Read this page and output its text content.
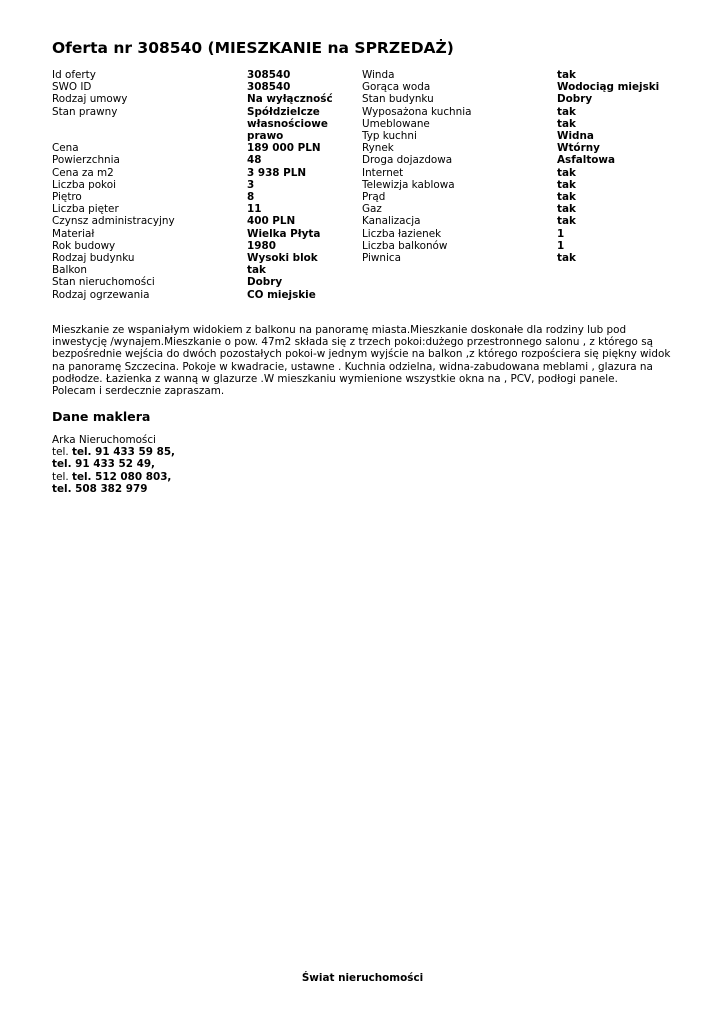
Oferta nr 308540 (MIESZKANIE na SPRZEDAŻ)
Id oferty	308540
SWO ID	308540
Rodzaj umowy	Na wyłączność
Stan prawny	Spółdzielcze własnościowe prawo
Cena	189 000 PLN
Powierzchnia	48
Cena za m2	3 938 PLN
Liczba pokoi	3
Piętro	8
Liczba pięter	11
Czynsz administracyjny	400 PLN
Materiał	Wielka Płyta
Rok budowy	1980
Rodzaj budynku	Wysoki blok
Balkon	tak
Stan nieruchomości	Dobry
Rodzaj ogrzewania	CO miejskie
Winda	tak
Gorąca woda	Wodociąg miejski
Stan budynku	Dobry
Wyposażona kuchnia	tak
Umeblowane	tak
Typ kuchni	Widna
Rynek	Wtórny
Droga dojazdowa	Asfaltowa
Internet	tak
Telewizja kablowa	tak
Prąd	tak
Gaz	tak
Kanalizacja	tak
Liczba łazienek	1
Liczba balkonów	1
Piwnica	tak

Mieszkanie ze wspaniałym widokiem z balkonu na panoramę miasta.Mieszkanie doskonałe dla rodziny lub pod inwestycję /wynajem.Mieszkanie o pow. 47m2 składa się z trzech pokoi:dużego przestronnego salonu , z którego są bezpośrednie wejścia do dwóch pozostałych pokoi-w jednym wyjście na balkon ,z którego rozpościera się piękny widok na panoramę Szczecina. Pokoje w kwadracie, ustawne . Kuchnia odzielna, widna-zabudowana meblami , glazura na podłodze. Łazienka z wanną w glazurze .W mieszkaniu wymienione wszystkie okna na , PCV, podłogi panele.

Polecam i serdecznie zapraszam.

Dane maklera
Arka Nieruchomości
tel. tel. 91 433 59 85,
tel. 91 433 52 49,
tel. tel. 512 080 803,
tel. 508 382 979
Świat nieruchomości
